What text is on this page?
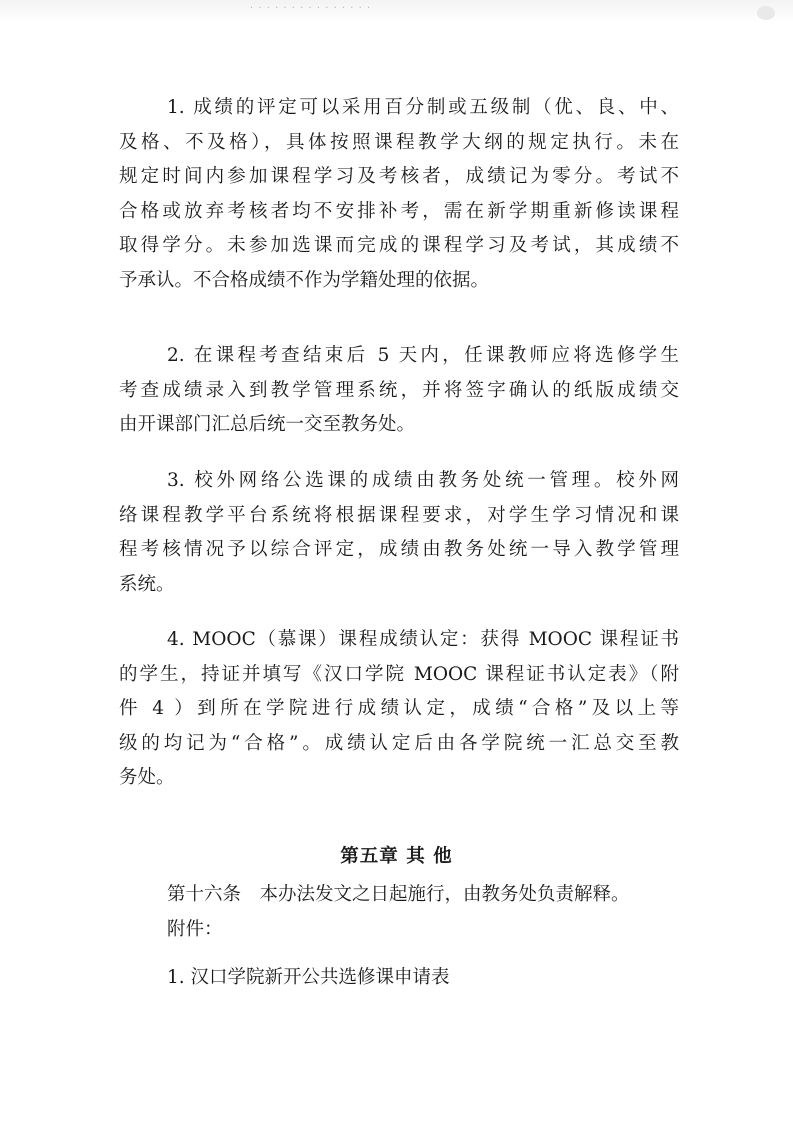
· · · · · · · · · · · · · · ·
1. 成绩的评定可以采用百分制或五级制（优、良、中、
及格、不及格），具体按照课程教学大纲的规定执行。未在
规定时间内参加课程学习及考核者，成绩记为零分。考试不
合格或放弃考核者均不安排补考，需在新学期重新修读课程
取得学分。未参加选课而完成的课程学习及考试，其成绩不
予承认。不合格成绩不作为学籍处理的依据。
2. 在课程考查结束后 5 天内，任课教师应将选修学生
考查成绩录入到教学管理系统，并将签字确认的纸版成绩交
由开课部门汇总后统一交至教务处。
3. 校外网络公选课的成绩由教务处统一管理。校外网
络课程教学平台系统将根据课程要求，对学生学习情况和课
程考核情况予以综合评定，成绩由教务处统一导入教学管理
系统。
4. MOOC（慕课）课程成绩认定：获得 MOOC 课程证书
的学生，持证并填写《汉口学院 MOOC 课程证书认定表》（附
件 4 ）到所在学院进行成绩认定，成绩“合格”及以上等
级的均记为“合格”。成绩认定后由各学院统一汇总交至教
务处。
第五章 其 他
第十六条　本办法发文之日起施行，由教务处负责解释。
附件：
1. 汉口学院新开公共选修课申请表
